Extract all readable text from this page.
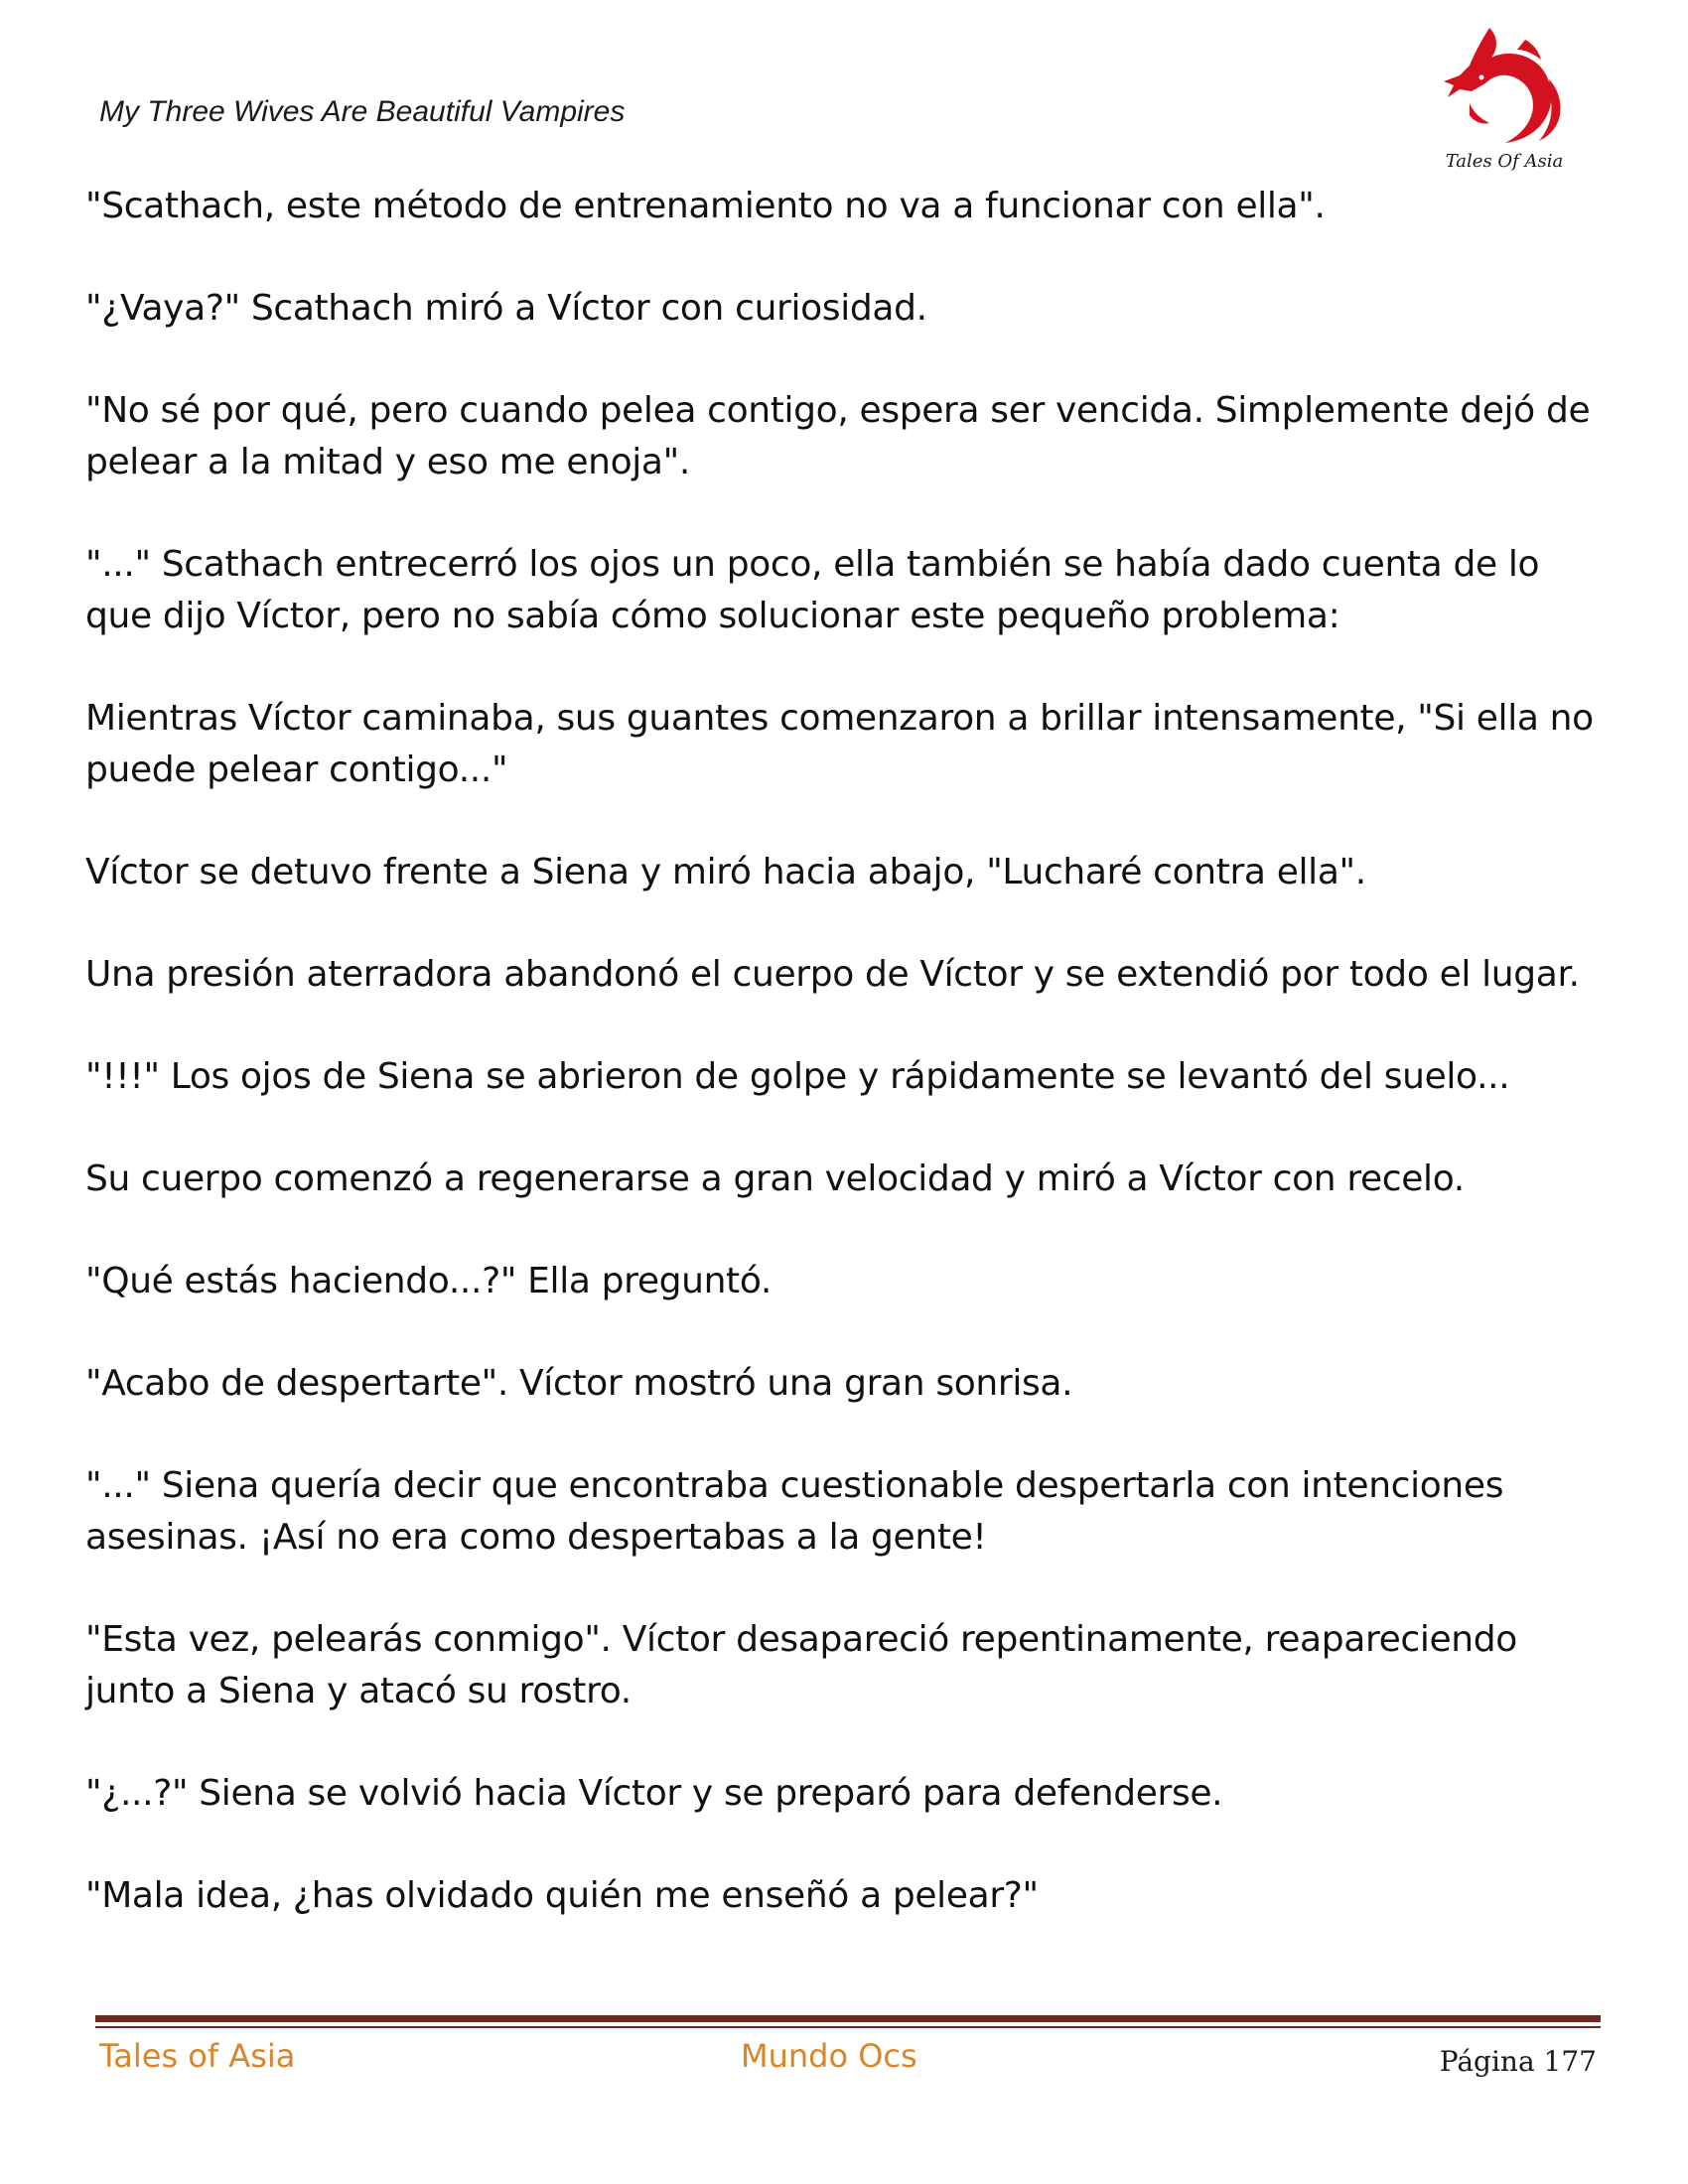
My Three Wives Are Beautiful Vampires
Tales Of Asia

"Scathach, este método de entrenamiento no va a funcionar con ella".

"¿Vaya?" Scathach miró a Víctor con curiosidad.

"No sé por qué, pero cuando pelea contigo, espera ser vencida. Simplemente dejó de pelear a la mitad y eso me enoja".

"..." Scathach entrecerró los ojos un poco, ella también se había dado cuenta de lo que dijo Víctor, pero no sabía cómo solucionar este pequeño problema:

Mientras Víctor caminaba, sus guantes comenzaron a brillar intensamente, "Si ella no puede pelear contigo..."

Víctor se detuvo frente a Siena y miró hacia abajo, "Lucharé contra ella".

Una presión aterradora abandonó el cuerpo de Víctor y se extendió por todo el lugar.

"!!!" Los ojos de Siena se abrieron de golpe y rápidamente se levantó del suelo...

Su cuerpo comenzó a regenerarse a gran velocidad y miró a Víctor con recelo.

"Qué estás haciendo...?" Ella preguntó.

"Acabo de despertarte". Víctor mostró una gran sonrisa.

"..." Siena quería decir que encontraba cuestionable despertarla con intenciones asesinas. ¡Así no era como despertabas a la gente!

"Esta vez, pelearás conmigo". Víctor desapareció repentinamente, reapareciendo junto a Siena y atacó su rostro.

"¿...?" Siena se volvió hacia Víctor y se preparó para defenderse.

"Mala idea, ¿has olvidado quién me enseñó a pelear?"

Tales of Asia	Mundo Ocs	Página 177
